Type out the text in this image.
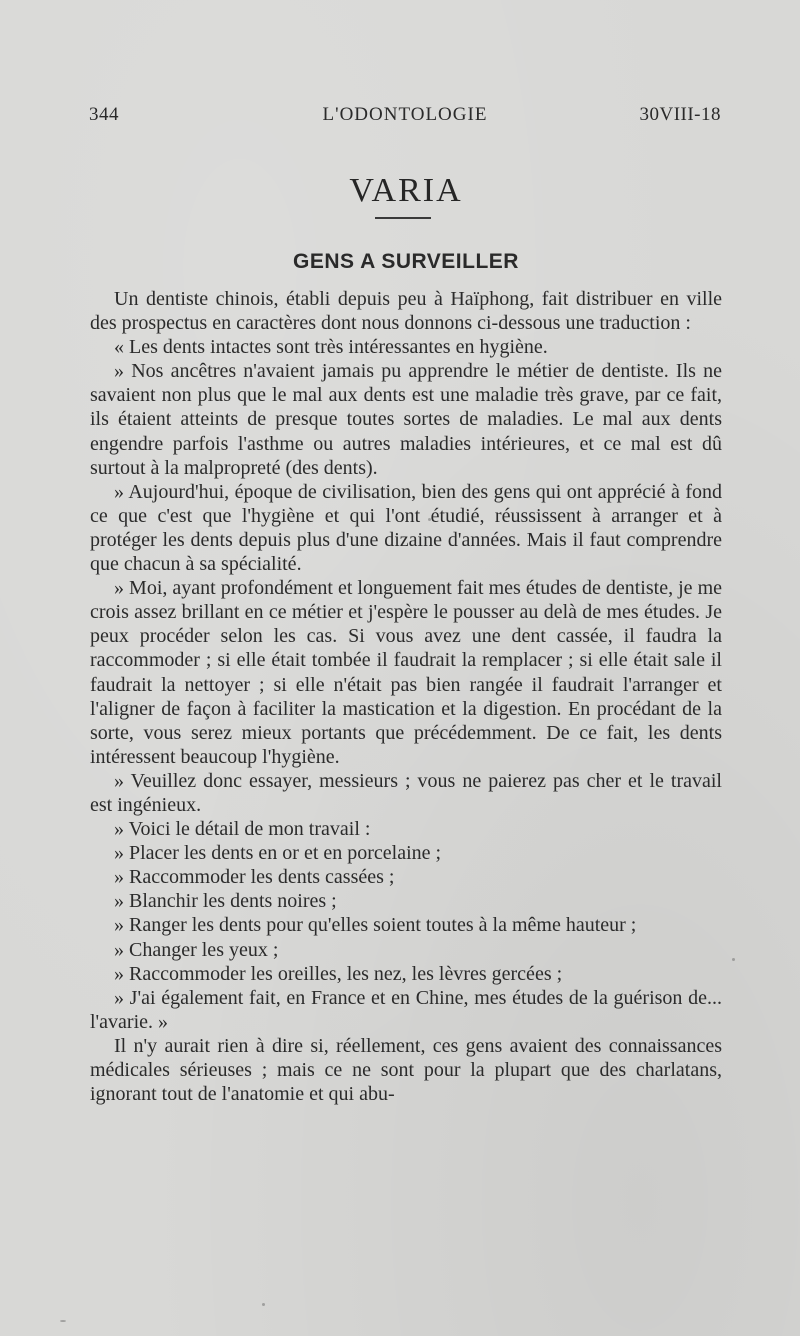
344	L'ODONTOLOGIE	30VIII-18
VARIA
GENS A SURVEILLER

Un dentiste chinois, établi depuis peu à Haïphong, fait distribuer en ville des prospectus en caractères dont nous donnons ci-dessous une traduction :

« Les dents intactes sont très intéressantes en hygiène.

» Nos ancêtres n'avaient jamais pu apprendre le métier de dentiste. Ils ne savaient non plus que le mal aux dents est une maladie très grave, par ce fait, ils étaient atteints de presque toutes sortes de maladies. Le mal aux dents engendre parfois l'asthme ou autres maladies intérieures, et ce mal est dû surtout à la malpropreté (des dents).

» Aujourd'hui, époque de civilisation, bien des gens qui ont apprécié à fond ce que c'est que l'hygiène et qui l'ont étudié, réussissent à arranger et à protéger les dents depuis plus d'une dizaine d'années. Mais il faut comprendre que chacun à sa spécialité.

» Moi, ayant profondément et longuement fait mes études de dentiste, je me crois assez brillant en ce métier et j'espère le pousser au delà de mes études. Je peux procéder selon les cas. Si vous avez une dent cassée, il faudra la raccommoder ; si elle était tombée il faudrait la remplacer ; si elle était sale il faudrait la nettoyer ; si elle n'était pas bien rangée il faudrait l'arranger et l'aligner de façon à faciliter la mastication et la digestion. En procédant de la sorte, vous serez mieux portants que précédemment. De ce fait, les dents intéressent beaucoup l'hygiène.

» Veuillez donc essayer, messieurs ; vous ne paierez pas cher et le travail est ingénieux.

» Voici le détail de mon travail :

» Placer les dents en or et en porcelaine ;

» Raccommoder les dents cassées ;

» Blanchir les dents noires ;

» Ranger les dents pour qu'elles soient toutes à la même hauteur ;

» Changer les yeux ;

» Raccommoder les oreilles, les nez, les lèvres gercées ;

» J'ai également fait, en France et en Chine, mes études de la guérison de... l'avarie. »

Il n'y aurait rien à dire si, réellement, ces gens avaient des connaissances médicales sérieuses ; mais ce ne sont pour la plupart que des charlatans, ignorant tout de l'anatomie et qui abu-
